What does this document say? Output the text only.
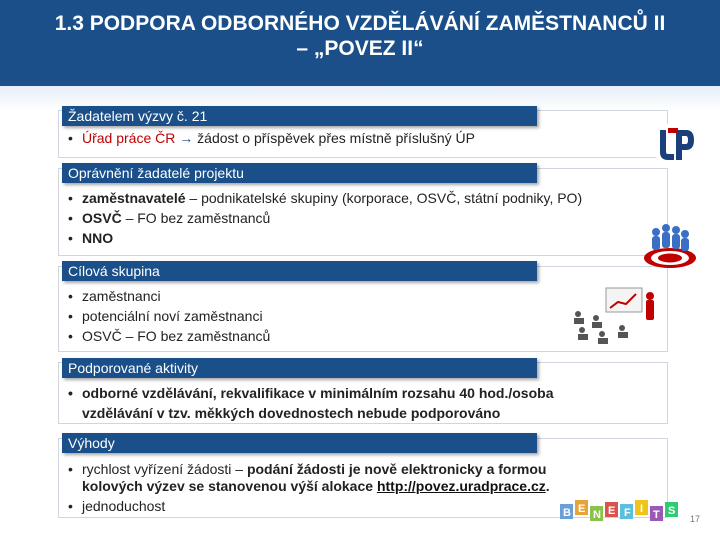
1.3 PODPORA ODBORNÉHO VZDĚLÁVÁNÍ ZAMĚSTNANCŮ II
– „POVEZ II“
Žadatelem výzvy č. 21
• Úřad práce ČR → žádost o příspěvek přes místně příslušný ÚP
Oprávnění žadatelé projektu
• zaměstnavatelé – podnikatelské skupiny (korporace, OSVČ, státní podniky, PO)
• OSVČ – FO bez zaměstnanců
• NNO
Cílová skupina
• zaměstnanci
• potenciální noví zaměstnanci
• OSVČ – FO bez zaměstnanců
Podporované aktivity
• odborné vzdělávání, rekvalifikace v minimálním rozsahu 40 hod./osoba
vzdělávání v tzv. měkkých dovednostech nebude podporováno
Výhody
• rychlost vyřízení žádosti – podání žádosti je nově elektronicky a formou
kolových výzev se stanovenou výší alokace http://povez.uradprace.cz.
• jednoduchost	B E N E F I T S
17
